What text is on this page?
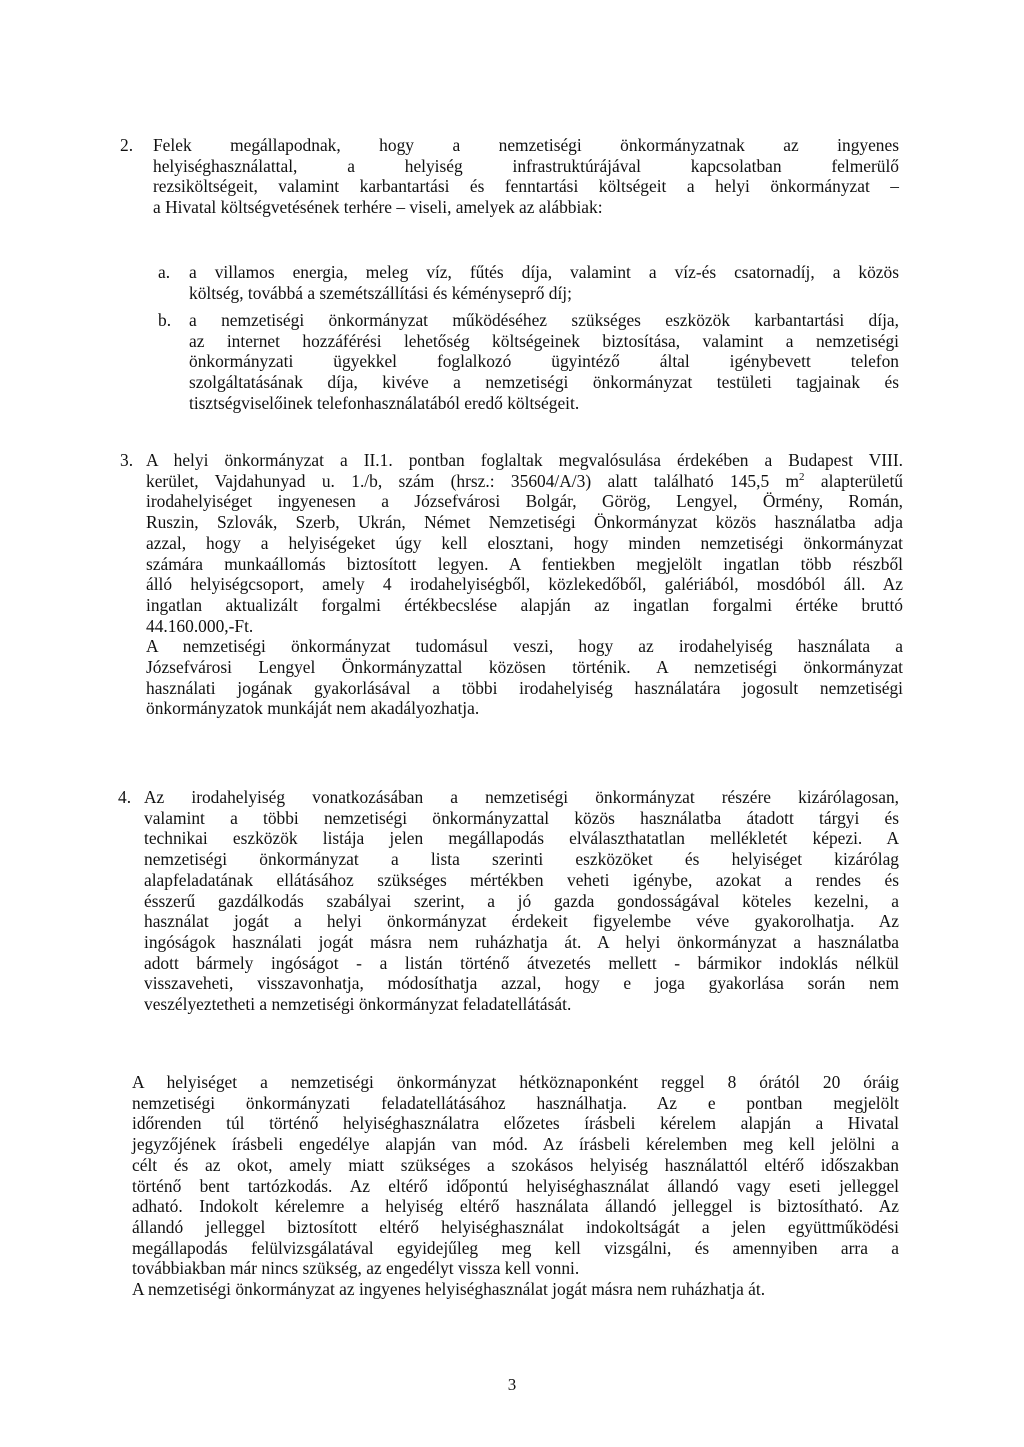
2. Felek megállapodnak, hogy a nemzetiségi önkormányzatnak az ingyenes
helyiséghasználattal, a helyiség infrastruktúrájával kapcsolatban felmerülő
rezsiköltségeit, valamint karbantartási és fenntartási költségeit a helyi önkormányzat –
a Hivatal költségvetésének terhére – viseli, amelyek az alábbiak:
a. a villamos energia, meleg víz, fűtés díja, valamint a víz-és csatornadíj, a közös
költség, továbbá a szemétszállítási és kéményseprő díj;
b. a nemzetiségi önkormányzat működéséhez szükséges eszközök karbantartási díja,
az internet hozzáférési lehetőség költségeinek biztosítása, valamint a nemzetiségi
önkormányzati ügyekkel foglalkozó ügyintéző által igénybevett telefon
szolgáltatásának díja, kivéve a nemzetiségi önkormányzat testületi tagjainak és
tisztségviselőinek telefonhasználatából eredő költségeit.
3. A helyi önkormányzat a II.1. pontban foglaltak megvalósulása érdekében a Budapest VIII.
kerület, Vajdahunyad u. 1./b, szám (hrsz.: 35604/A/3) alatt található 145,5 $m^2$ alapterületű
irodahelyiséget ingyenesen a Józsefvárosi Bolgár, Görög, Lengyel, Örmény, Román,
Ruszin, Szlovák, Szerb, Ukrán, Német Nemzetiségi Önkormányzat közös használatba adja
azzal, hogy a helyiségeket úgy kell elosztani, hogy minden nemzetiségi önkormányzat
számára munkaállomás biztosított legyen. A fentiekben megjelölt ingatlan több részből
álló helyiségcsoport, amely 4 irodahelyiségből, közlekedőből, galériából, mosdóból áll. Az
ingatlan aktualizált forgalmi értékbecslése alapján az ingatlan forgalmi értéke bruttó
44.160.000,-Ft.
A nemzetiségi önkormányzat tudomásul veszi, hogy az irodahelyiség használata a
Józsefvárosi Lengyel Önkormányzattal közösen történik. A nemzetiségi önkormányzat
használati jogának gyakorlásával a többi irodahelyiség használatára jogosult nemzetiségi
önkormányzatok munkáját nem akadályozhatja.
4. Az irodahelyiség vonatkozásában a nemzetiségi önkormányzat részére kizárólagosan,
valamint a többi nemzetiségi önkormányzattal közös használatba átadott tárgyi és
technikai eszközök listája jelen megállapodás elválaszthatatlan mellékletét képezi. A
nemzetiségi önkormányzat a lista szerinti eszközöket és helyiséget kizárólag
alapfeladatának ellátásához szükséges mértékben veheti igénybe, azokat a rendes és
ésszerű gazdálkodás szabályai szerint, a jó gazda gondosságával köteles kezelni, a
használat jogát a helyi önkormányzat érdekeit figyelembe véve gyakorolhatja. Az
ingóságok használati jogát másra nem ruházhatja át. A helyi önkormányzat a használatba
adott bármely ingóságot - a listán történő átvezetés mellett - bármikor indoklás nélkül
visszaveheti, visszavonhatja, módosíthatja azzal, hogy e joga gyakorlása során nem
veszélyeztetheti a nemzetiségi önkormányzat feladatellátását.
A helyiséget a nemzetiségi önkormányzat hétköznaponként reggel 8 órától 20 óráig
nemzetiségi önkormányzati feladatellátásához használhatja. Az e pontban megjelölt
időrenden túl történő helyiséghasználatra előzetes írásbeli kérelem alapján a Hivatal
jegyzőjének írásbeli engedélye alapján van mód. Az írásbeli kérelemben meg kell jelölni a
célt és az okot, amely miatt szükséges a szokásos helyiség használattól eltérő időszakban
történő bent tartózkodás. Az eltérő időpontú helyiséghasználat állandó vagy eseti jelleggel
adható. Indokolt kérelemre a helyiség eltérő használata állandó jelleggel is biztosítható. Az
állandó jelleggel biztosított eltérő helyiséghasználat indokoltságát a jelen együttműködési
megállapodás felülvizsgálatával egyidejűleg meg kell vizsgálni, és amennyiben arra a
továbbiakban már nincs szükség, az engedélyt vissza kell vonni.
A nemzetiségi önkormányzat az ingyenes helyiséghasználat jogát másra nem ruházhatja át.
3
